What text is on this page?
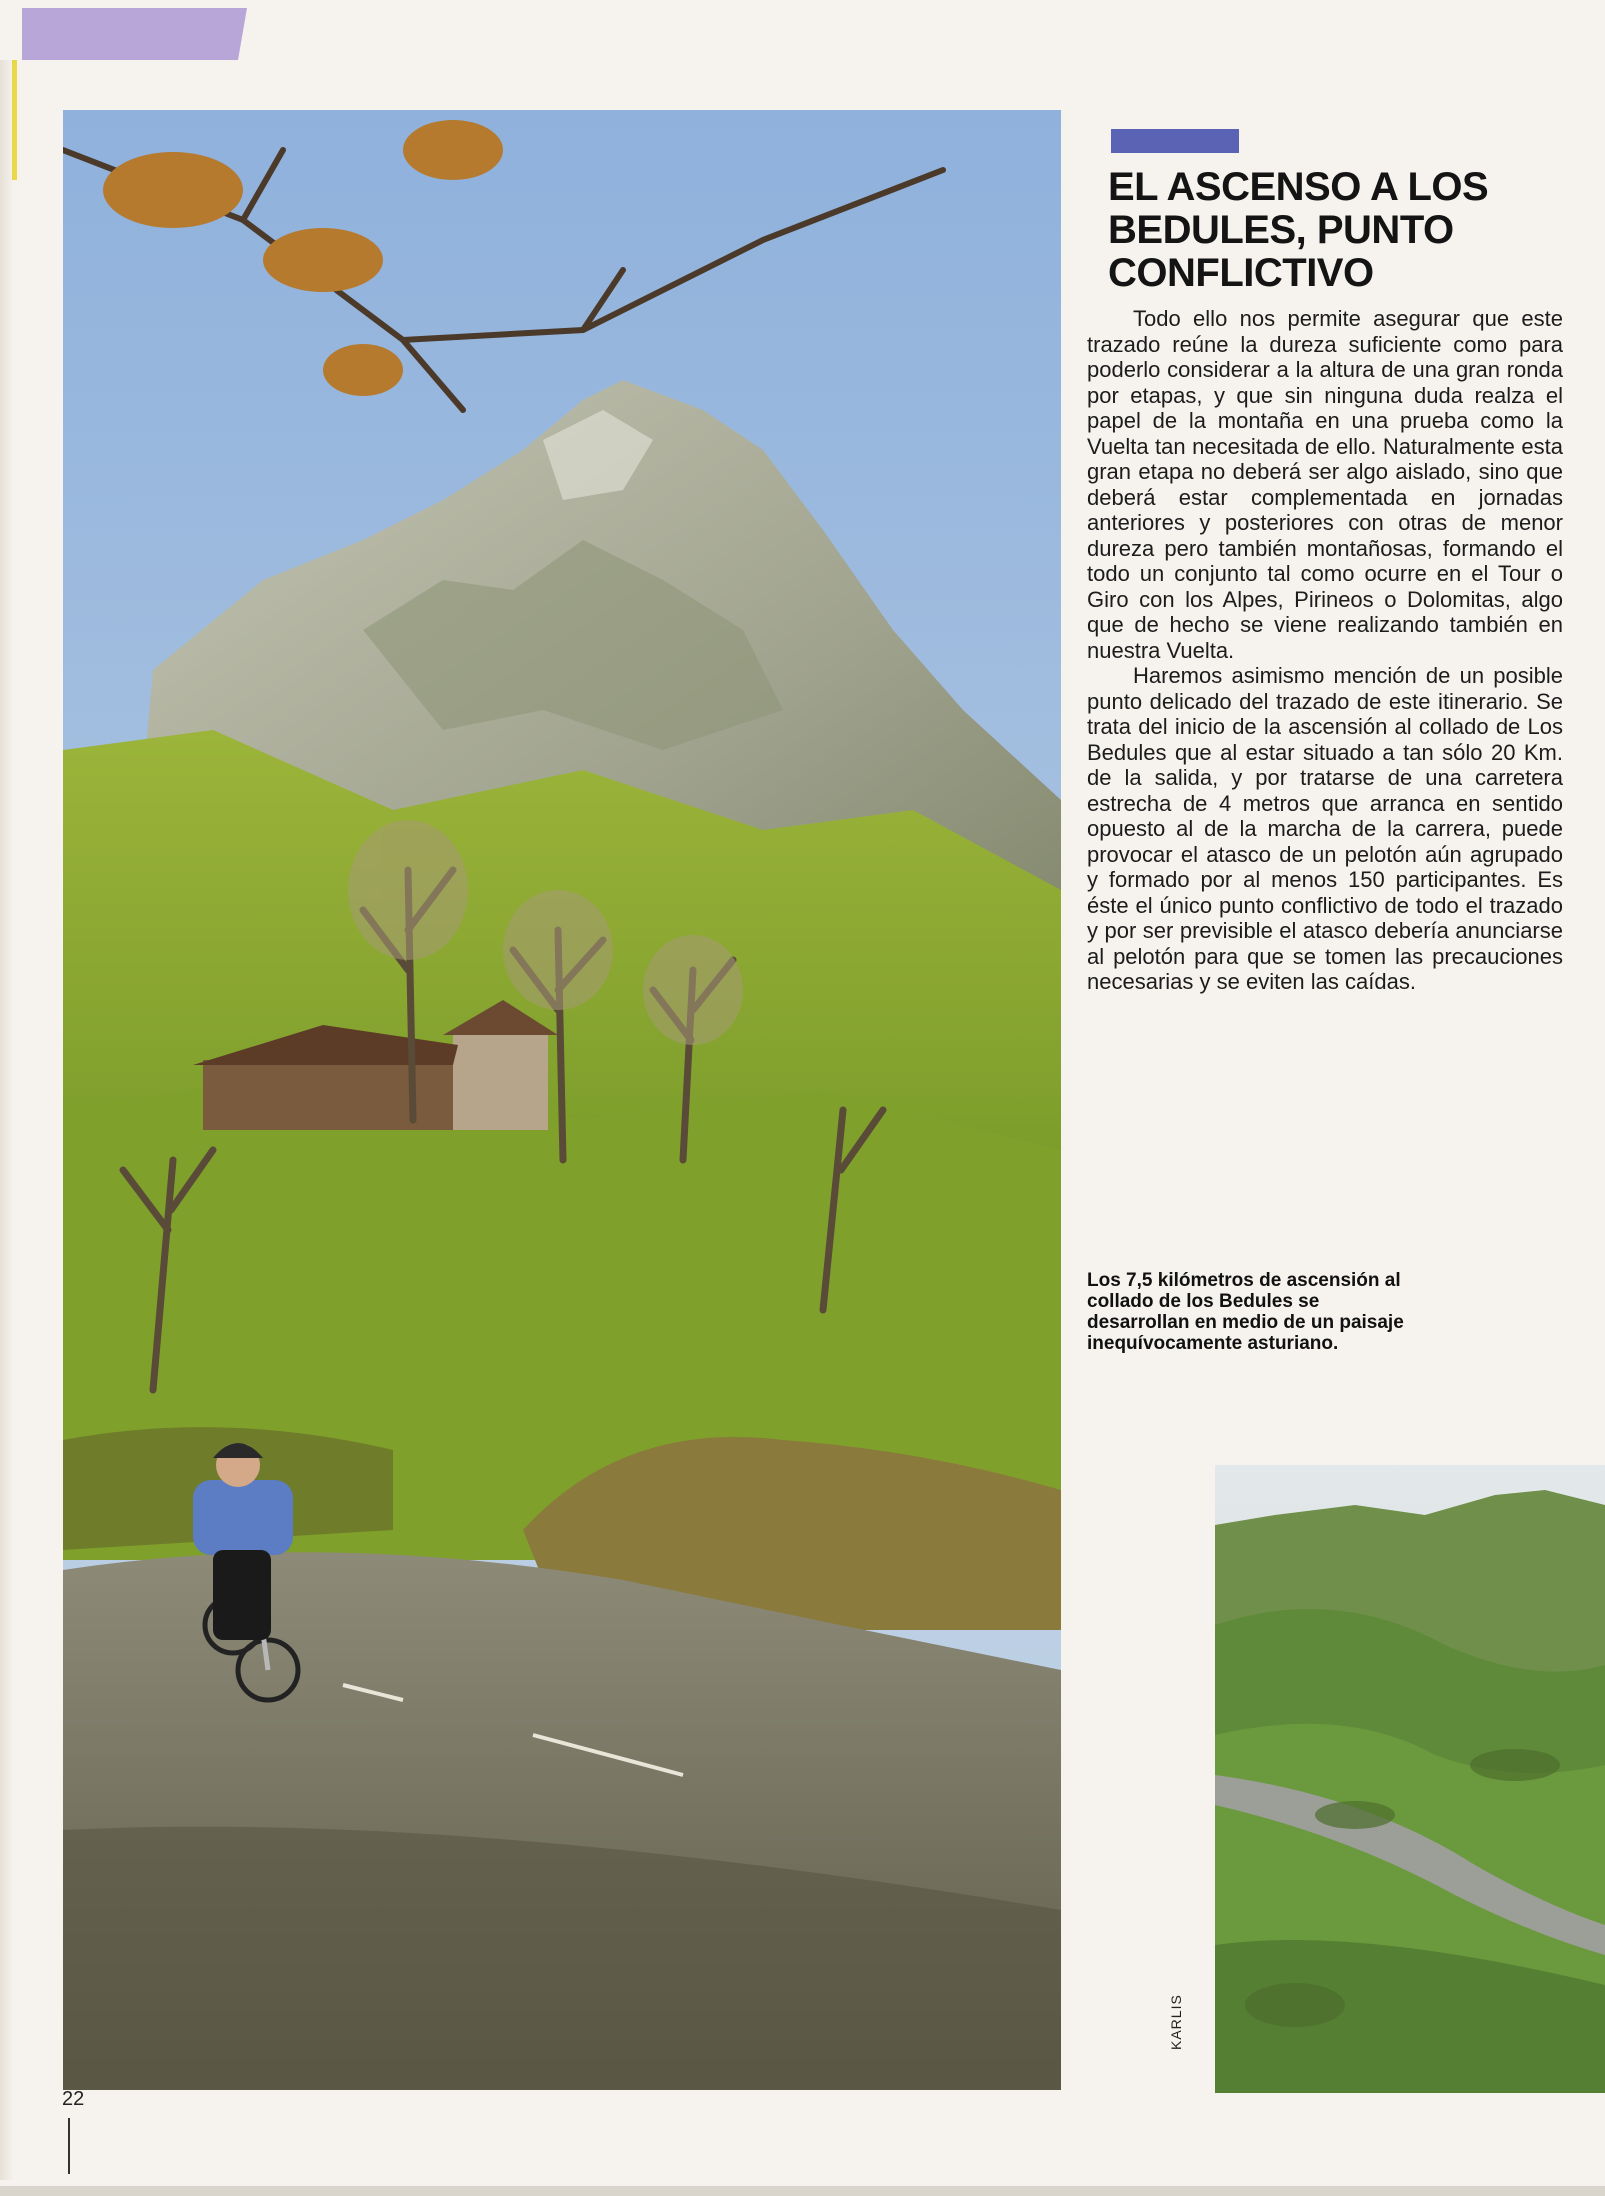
EL ASCENSO A LOS
BEDULES, PUNTO
CONFLICTIVO

Todo ello nos permite asegurar que este trazado reúne la dureza suficiente como para poderlo considerar a la altura de una gran ronda por etapas, y que sin ninguna duda realza el papel de la montaña en una prueba como la Vuelta tan necesitada de ello. Naturalmente esta gran etapa no deberá ser algo aislado, sino que deberá estar complementada en jornadas anteriores y posteriores con otras de menor dureza pero también montañosas, formando el todo un conjunto tal como ocurre en el Tour o Giro con los Alpes, Pirineos o Dolomitas, algo que de hecho se viene realizando también en nuestra Vuelta.

Haremos asimismo mención de un posible punto delicado del trazado de este itinerario. Se trata del inicio de la ascensión al collado de Los Bedules que al estar situado a tan sólo 20 Km. de la salida, y por tratarse de una carretera estrecha de 4 metros que arranca en sentido opuesto al de la marcha de la carrera, puede provocar el atasco de un pelotón aún agrupado y formado por al menos 150 participantes. Es éste el único punto conflictivo de todo el trazado y por ser previsible el atasco debería anunciarse al pelotón para que se tomen las precauciones necesarias y se eviten las caídas.

Los 7,5 kilómetros de ascensión al collado de los Bedules se desarrollan en medio de un paisaje inequívocamente asturiano.
KARLIS
22
